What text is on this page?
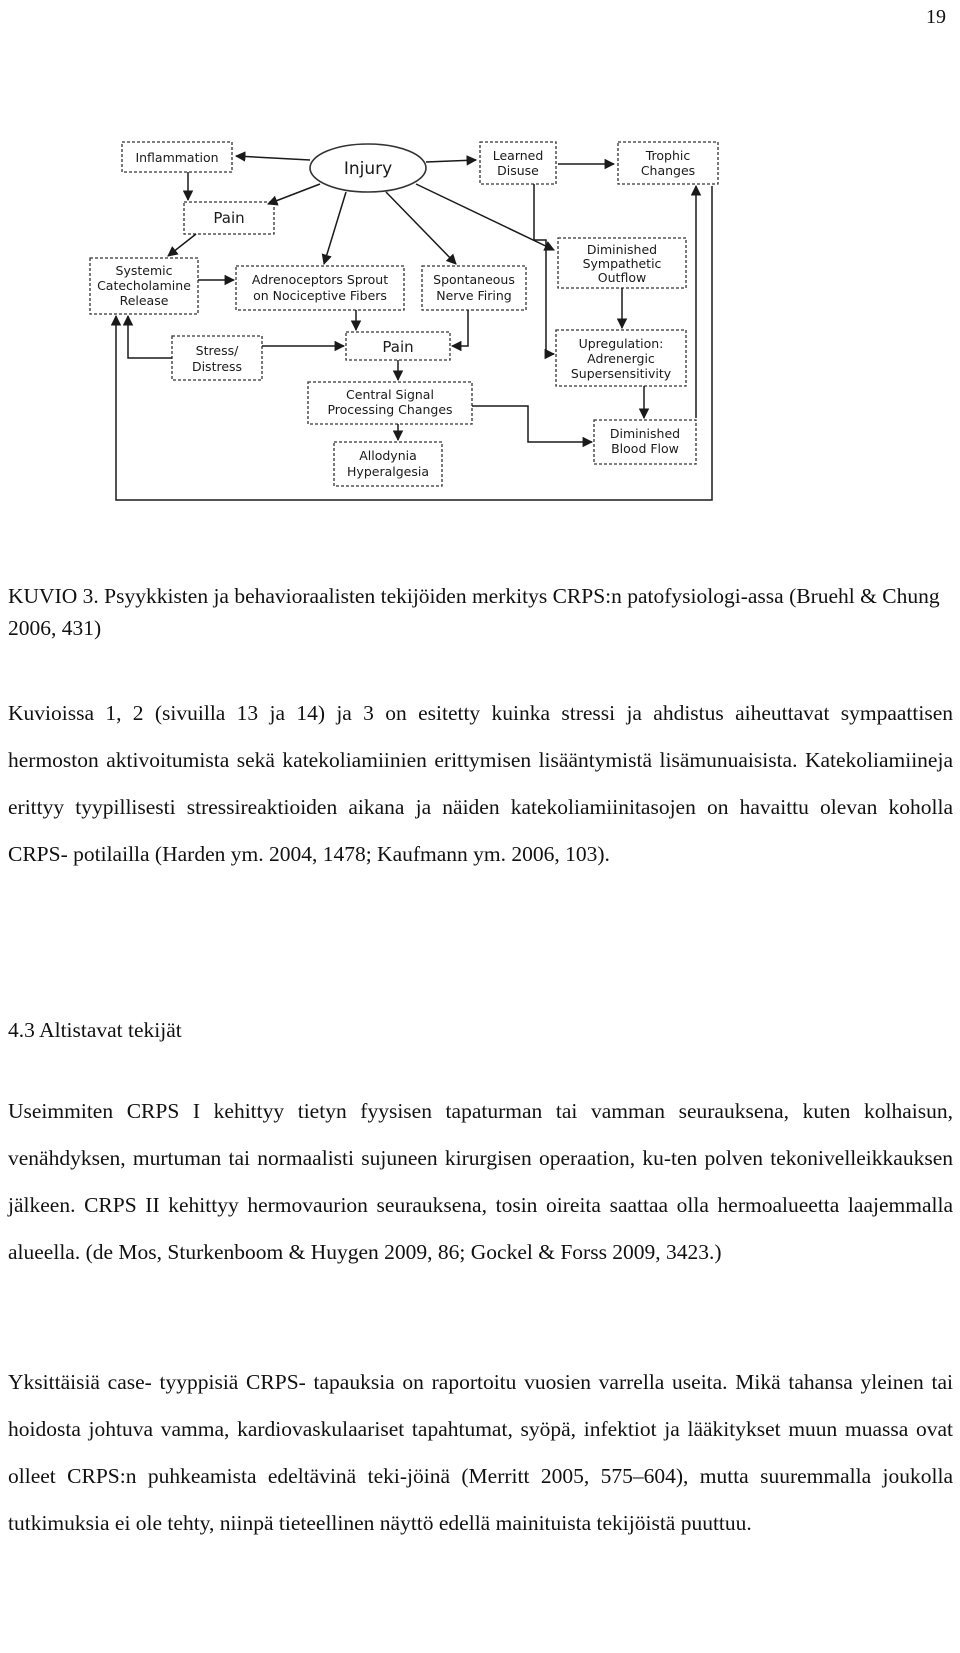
19
Injury
Inflammation	Learned
Disuse
Trophic
Changes
Pain
Systemic
Catecholamine
Release
Adrenoceptors Sprout
on Nociceptive Fibers
Spontaneous
Nerve Firing
Diminished
Sympathetic
Outflow
Stress/
Distress
Pain	Upregulation:
Adrenergic
Supersensitivity
Central Signal
Processing Changes
Diminished
Blood Flow
Allodynia
Hyperalgesia
KUVIO 3. Psyykkisten ja behavioraalisten tekijöiden merkitys CRPS:n patofysiologi-assa (Bruehl & Chung 2006, 431)
Kuvioissa 1, 2 (sivuilla 13 ja 14) ja 3 on esitetty kuinka stressi ja ahdistus aiheuttavat sympaattisen hermoston aktivoitumista sekä katekoliamiinien erittymisen lisääntymistä lisämunuaisista. Katekoliamiineja erittyy tyypillisesti stressireaktioiden aikana ja näiden katekoliamiinitasojen on havaittu olevan koholla CRPS- potilailla (Harden ym. 2004, 1478; Kaufmann ym. 2006, 103).
4.3 Altistavat tekijät
Useimmiten CRPS I kehittyy tietyn fyysisen tapaturman tai vamman seurauksena, kuten kolhaisun, venähdyksen, murtuman tai normaalisti sujuneen kirurgisen operaation, ku-ten polven tekonivelleikkauksen jälkeen. CRPS II kehittyy hermovaurion seurauksena, tosin oireita saattaa olla hermoalueetta laajemmalla alueella. (de Mos, Sturkenboom & Huygen 2009, 86; Gockel & Forss 2009, 3423.)
Yksittäisiä case- tyyppisiä CRPS- tapauksia on raportoitu vuosien varrella useita. Mikä tahansa yleinen tai hoidosta johtuva vamma, kardiovaskulaariset tapahtumat, syöpä, infektiot ja lääkitykset muun muassa ovat olleet CRPS:n puhkeamista edeltävinä teki-jöinä (Merritt 2005, 575–604), mutta suuremmalla joukolla tutkimuksia ei ole tehty, niinpä tieteellinen näyttö edellä mainituista tekijöistä puuttuu.
